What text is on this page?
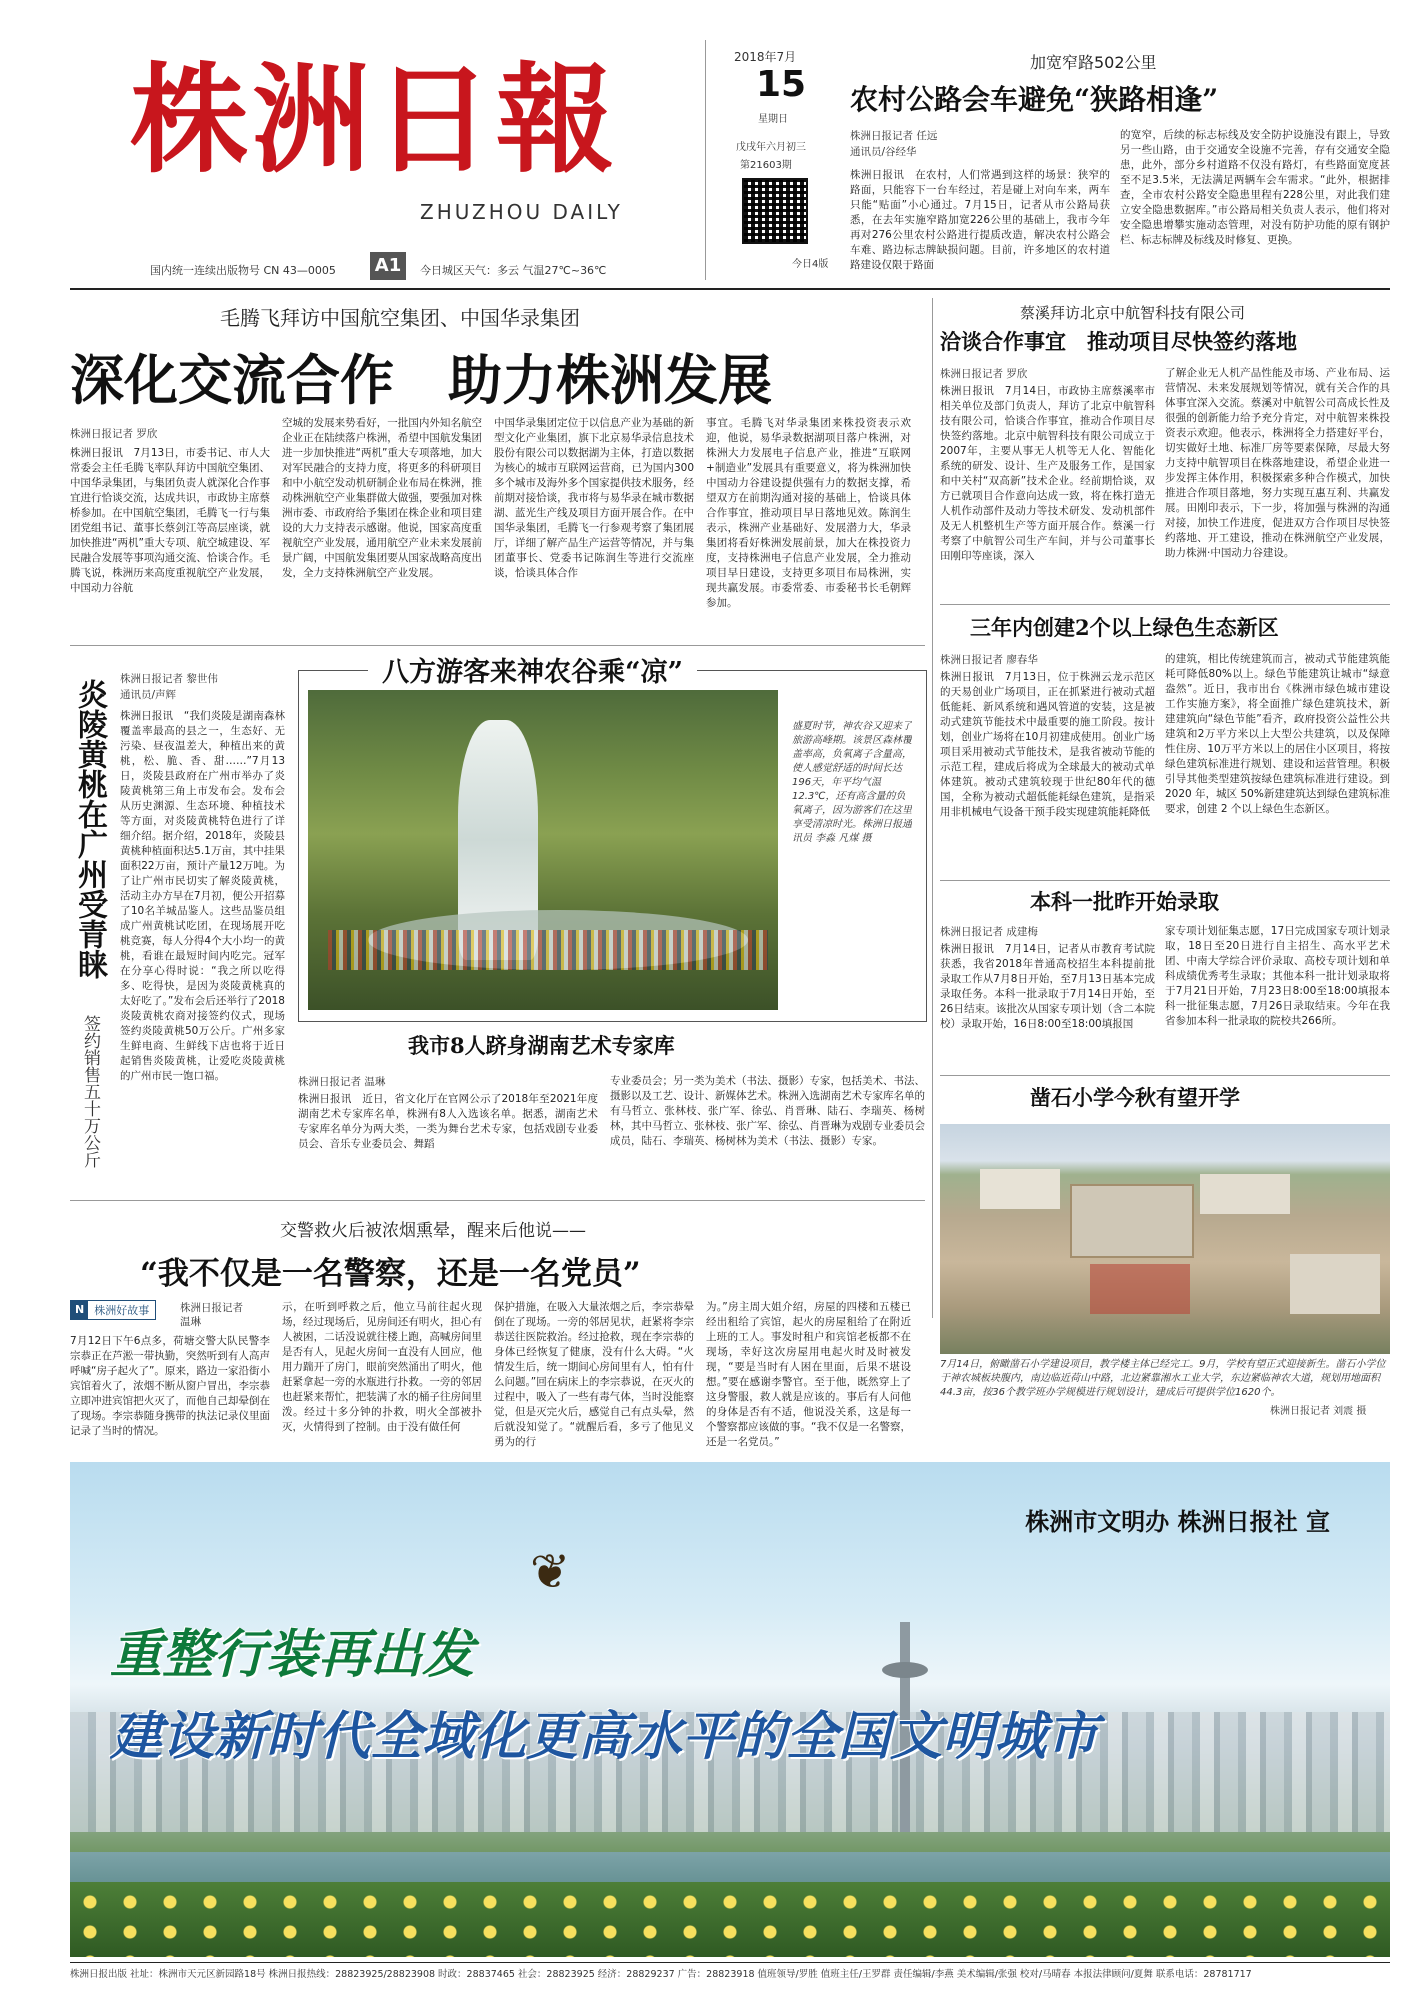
株洲日報
ZHUZHOU DAILY
国内统一连续出版物号 CN 43—0005 A1	今日城区天气：多云 气温27℃~36℃
2018年7月
15
星期日
戊戌年六月初三
第21603期
今日4版
加宽窄路502公里
农村公路会车避免“狭路相逢”
株洲日报记者 任远
通讯员/谷经华
株洲日报讯　在农村，人们常遇到这样的场景：狭窄的路面，只能容下一台车经过，若是碰上对向车来，两车只能“贴面”小心通过。7月15日，记者从市公路局获悉，在去年实施窄路加宽226公里的基础上，我市今年再对276公里农村公路进行提质改造，解决农村公路会车难、路边标志牌缺损问题。目前，许多地区的农村道路建设仅限于路面
的宽窄，后续的标志标线及安全防护设施没有跟上，导致另一些山路，由于交通安全设施不完善，存有交通安全隐患，此外，部分乡村道路不仅没有路灯，有些路面宽度甚至不足3.5米，无法满足两辆车会车需求。“此外，根据排查，全市农村公路安全隐患里程有228公里，对此我们建立安全隐患数据库。”市公路局相关负责人表示，他们将对安全隐患增攀实施动态管理，对没有防护功能的原有钢护栏、标志标牌及标线及时修复、更换。
毛腾飞拜访中国航空集团、中国华录集团
深化交流合作　助力株洲发展
株洲日报记者 罗欣
株洲日报讯　7月13日，市委书记、市人大常委会主任毛腾飞率队拜访中国航空集团、中国华录集团，与集团负责人就深化合作事宜进行恰谈交流，达成共识，市政协主席蔡桥参加。在中国航空集团，毛腾飞一行与集团党组书记、董事长蔡剑江等高层座谈，就加快推进“两机”重大专项、航空城建设、军民融合发展等事项沟通交流、恰谈合作。毛腾飞说，株洲历来高度重视航空产业发展，中国动力谷航
空城的发展来势看好，一批国内外知名航空企业正在陆续落户株洲，希望中国航发集团进一步加快推进“两机”重大专项落地，加大对军民融合的支持力度，将更多的科研项目和中小航空发动机研制企业布局在株洲，推动株洲航空产业集群做大做强，要强加对株洲市委、市政府给予集团在株企业和项目建设的大力支持表示感谢。他说，国家高度重视航空产业发展，通用航空产业未来发展前景广阔，中国航发集团要从国家战略高度出发，全力支持株洲航空产业发展。
中国华录集团定位于以信息产业为基础的新型文化产业集团，旗下北京易华录信息技术股份有限公司以数据湖为主体，打造以数据为核心的城市互联网运营商，已为国内300多个城市及海外多个国家提供技术服务，经前期对接恰谈，我市将与易华录在城市数据湖、蓝光生产线及项目方面开展合作。在中国华录集团，毛腾飞一行参观考察了集团展厅，详细了解产品生产运营等情况，并与集团董事长、党委书记陈润生等进行交流座谈，恰谈具体合作
事宜。毛腾飞对华录集团来株投资表示欢迎，他说，易华录数据湖项目落户株洲，对株洲大力发展电子信息产业，推进“互联网+制造业”发展具有重要意义，将为株洲加快中国动力谷建设提供强有力的数据支撑，希望双方在前期沟通对接的基础上，恰谈具体合作事宜，推动项目早日落地见效。陈润生表示，株洲产业基础好、发展潜力大，华录集团将看好株洲发展前景，加大在株投资力度，支持株洲电子信息产业发展，全力推动项目早日建设，支持更多项目布局株洲，实现共赢发展。市委常委、市委秘书长毛朝辉参加。
蔡溪拜访北京中航智科技有限公司
洽谈合作事宜　推动项目尽快签约落地
株洲日报记者 罗欣
株洲日报讯　7月14日，市政协主席蔡溪率市相关单位及部门负责人，拜访了北京中航智科技有限公司，恰谈合作事宜，推动合作项目尽快签约落地。北京中航智科技有限公司成立于2007年，主要从事无人机等无人化、智能化系统的研发、设计、生产及服务工作，是国家和中关村“双高新”技术企业。经前期恰谈，双方已就项目合作意向达成一致，将在株打造无人机作动部件及动力等技术研发、发动机部件及无人机整机生产等方面开展合作。蔡溪一行考察了中航智公司生产车间，并与公司董事长田刚印等座谈，深入
了解企业无人机产品性能及市场、产业布局、运营情况、未来发展规划等情况，就有关合作的具体事宜深入交流。蔡溪对中航智公司高成长性及很强的创新能力给予充分肯定，对中航智来株投资表示欢迎。他表示，株洲将全力搭建好平台，切实做好土地、标准厂房等要素保障，尽最大努力支持中航智项目在株落地建设，希望企业进一步发挥主体作用，积极探索多种合作模式，加快推进合作项目落地，努力实现互惠互利、共赢发展。田刚印表示，下一步，将加强与株洲的沟通对接，加快工作进度，促进双方合作项目尽快签约落地、开工建设，推动在株洲航空产业发展，助力株洲·中国动力谷建设。
三年内创建2个以上绿色生态新区
株洲日报记者 廖春华
株洲日报讯　7月13日，位于株洲云龙示范区的天易创业广场项目，正在抓紧进行被动式超低能耗、新风系统和遇风管道的安装，这是被动式建筑节能技术中最重要的施工阶段。按计划，创业广场将在10月初建成使用。创业广场项目采用被动式节能技术，是我省被动节能的示范工程，建成后将成为全球最大的被动式单体建筑。被动式建筑较现于世纪80年代的德国，全称为被动式超低能耗绿色建筑，是指采用非机械电气设备干预手段实现建筑能耗降低
的建筑，相比传统建筑而言，被动式节能建筑能耗可降低80%以上。绿色节能建筑让城市“绿意盎然”。近日，我市出台《株洲市绿色城市建设工作实施方案》，将全面推广绿色建筑技术，新建建筑向“绿色节能”看齐，政府投资公益性公共建筑和2万平方米以上大型公共建筑，以及保障性住房、10万平方米以上的居住小区项目，将按绿色建筑标准进行规划、建设和运营管理。积极引导其他类型建筑按绿色建筑标准进行建设。到 2020 年，城区 50%新建建筑达到绿色建筑标准要求，创建 2 个以上绿色生态新区。
本科一批昨开始录取
株洲日报记者 成建梅
株洲日报讯　7月14日，记者从市教育考试院获悉，我省2018年普通高校招生本科提前批录取工作从7月8日开始，至7月13日基本完成录取任务。本科一批录取于7月14日开始，至26日结束。该批次从国家专项计划（含二本院校）录取开始，16日8:00至18:00填报国
家专项计划征集志愿，17日完成国家专项计划录取，18日至20日进行自主招生、高水平艺术团、中南大学综合评价录取、高校专项计划和单科成绩优秀考生录取；其他本科一批计划录取将于7月21日开始，7月23日8:00至18:00填报本科一批征集志愿，7月26日录取结束。今年在我省参加本科一批录取的院校共266所。
凿石小学今秋有望开学
7月14日，俯瞰凿石小学建设项目，教学楼主体已经完工。9月，学校有望正式迎接新生。凿石小学位于神农城板块腹内，南边临近荷山中路，北边紧靠湘水工业大学，东边紧临神农大道，规划用地面积44.3亩，按36个教学班办学规模进行规划设计，建成后可提供学位1620个。
株洲日报记者 刘震 摄
炎陵黄桃在广州受青睐
签约销售五十万公斤
株洲日报记者 黎世伟
通讯员/声辉
株洲日报讯　“我们炎陵是湖南森林覆盖率最高的县之一，生态好、无污染、昼夜温差大，种植出来的黄桃，松、脆、香、甜……”7月13日，炎陵县政府在广州市举办了炎陵黄桃第三角上市发布会。发布会从历史渊源、生态环境、种植技术等方面，对炎陵黄桃特色进行了详细介绍。据介绍，2018年，炎陵县黄桃种植面积达5.1万亩，其中挂果面积22万亩，预计产量12万吨。为了让广州市民切实了解炎陵黄桃，活动主办方早在7月初，便公开招募了10名羊城品鉴人。这些品鉴员组成广州黄桃试吃团，在现场展开吃桃竞赛，每人分得4个大小均一的黄桃，看谁在最短时间内吃完。冠军在分享心得时说：“我之所以吃得多、吃得快，是因为炎陵黄桃真的太好吃了。”发布会后还举行了2018炎陵黄桃农商对接签约仪式，现场签约炎陵黄桃50万公斤。广州多家生鲜电商、生鲜线下店也将于近日起销售炎陵黄桃，让爱吃炎陵黄桃的广州市民一饱口福。
八方游客来神农谷乘“凉”
盛夏时节，神农谷又迎来了旅游高峰期。该景区森林覆盖率高，负氧离子含量高，使人感觉舒适的时间长达196天，年平均气温12.3℃，还有高含量的负氧离子，因为游客们在这里享受清凉时光。株洲日报通讯员 李淼 凡煤 摄
我市8人跻身湖南艺术专家库
株洲日报记者 温琳
株洲日报讯　近日，省文化厅在官网公示了2018年至2021年度湖南艺术专家库名单，株洲有8人入选该名单。据悉，湖南艺术专家库名单分为两大类，一类为舞台艺术专家，包括戏剧专业委员会、音乐专业委员会、舞蹈
专业委员会；另一类为美术（书法、摄影）专家，包括美术、书法、摄影以及工艺、设计、新媒体艺术。株洲入选湖南艺术专家库名单的有马哲立、张林枝、张广军、徐弘、肖晋琳、陆石、李瑞英、杨树林，其中马哲立、张林枝、张广军、徐弘、肖晋琳为戏剧专业委员会成员，陆石、李瑞英、杨树林为美术（书法、摄影）专家。
交警救火后被浓烟熏晕，醒来后他说——
“我不仅是一名警察，还是一名党员”
N 株洲好故事	株洲日报记者
温琳
7月12日下午6点多，荷塘交警大队民警李宗恭正在芦淞一带执勤，突然听到有人高声呼喊“房子起火了”。原来，路边一家沿街小宾馆着火了，浓烟不断从窗户冒出，李宗恭立即冲进宾馆把火灭了，而他自己却晕倒在了现场。李宗恭随身携带的执法记录仪里面记录了当时的情况。
示，在听到呼救之后，他立马前往起火现场，经过现场后，见房间还有明火，担心有人被困，二话没说就往楼上跑，高喊房间里是否有人，见起火房间一直没有人回应，他用力踹开了房门，眼前突然涌出了明火，他赶紧拿起一旁的水瓶进行扑救。一旁的邻居也赶紧来帮忙，把装满了水的桶子往房间里泼。经过十多分钟的扑救，明火全部被扑灭，火情得到了控制。由于没有做任何
保护措施，在吸入大量浓烟之后，李宗恭晕倒在了现场。一旁的邻居见状，赶紧将李宗恭送往医院救治。经过抢救，现在李宗恭的身体已经恢复了健康，没有什么大碍。“火情发生后，统一期间心房间里有人，怕有什么问题。”回在病床上的李宗恭说，在灭火的过程中，吸入了一些有毒气体，当时没能察觉，但是灭完火后，感觉自己有点头晕，然后就没知觉了。“就醒后看，多亏了他见义勇为的行
为。”房主周大姐介绍，房屋的四楼和五楼已经出租给了宾馆，起火的房屋租给了在附近上班的工人。事发时租户和宾馆老板都不在现场，幸好这次房屋用电起火时及时被发现，“要是当时有人困在里面，后果不堪设想。”要在感谢李警官。至于他，既然穿上了这身警服，救人就是应该的。事后有人问他的身体是否有不适，他说没关系，这是每一个警察都应该做的事。“我不仅是一名警察，还是一名党员。”
❦
株洲市文明办 株洲日报社 宣
重整行装再出发
建设新时代全域化更高水平的全国文明城市
株洲日报出版 社址：株洲市天元区新园路18号 株洲日报热线：28823925/28823908 时政：28837465 社会：28823925 经济：28829237 广告：28823918 值班领导/罗胜 值班主任/王罗群 责任编辑/李燕 美术编辑/张强 校对/马晴春 本报法律顾问/夏舞 联系电话：28781717
